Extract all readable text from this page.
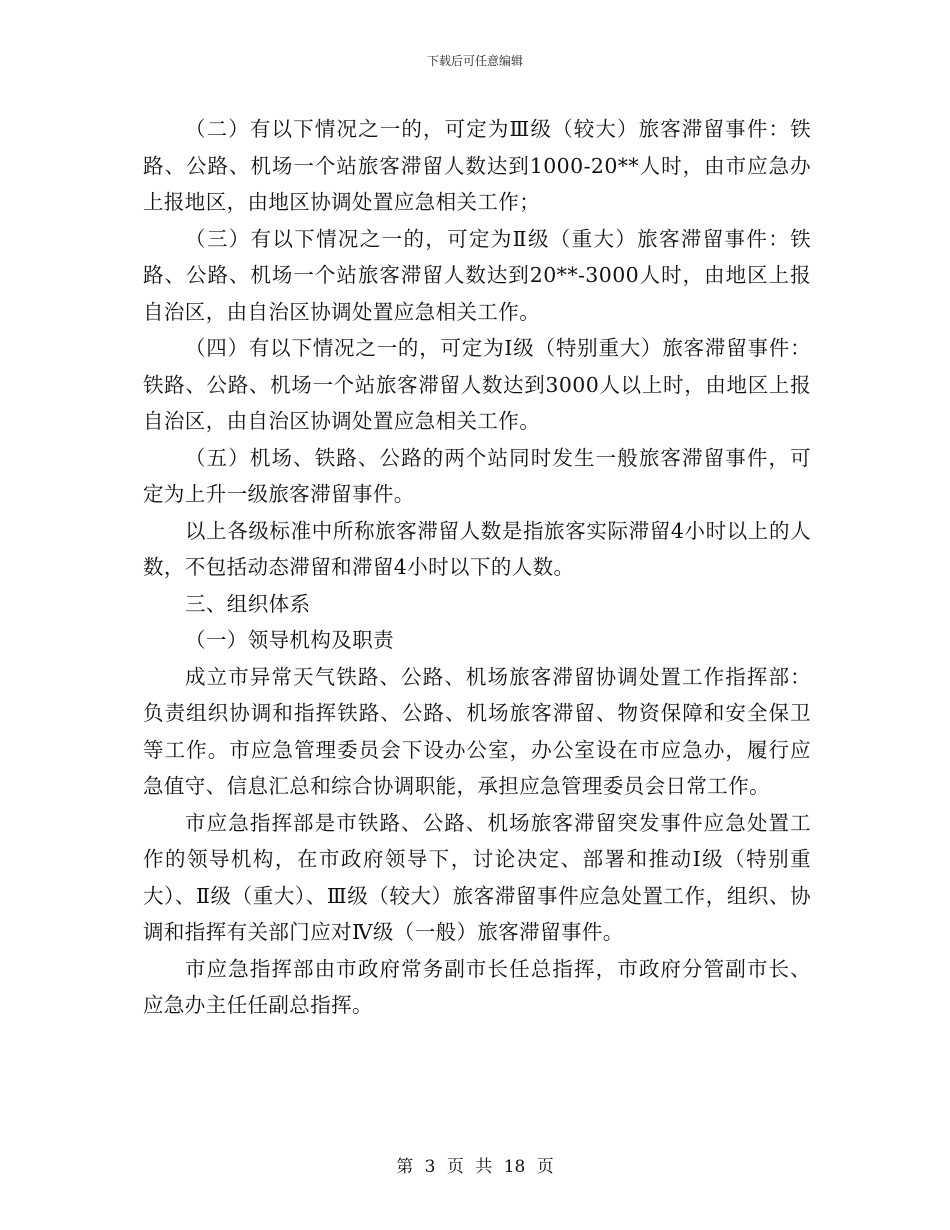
下载后可任意编辑

（二）有以下情况之一的，可定为Ⅲ级（较大）旅客滞留事件：铁路、公路、机场一个站旅客滞留人数达到1000-20**人时，由市应急办上报地区，由地区协调处置应急相关工作；

（三）有以下情况之一的，可定为Ⅱ级（重大）旅客滞留事件：铁路、公路、机场一个站旅客滞留人数达到20**-3000人时，由地区上报自治区，由自治区协调处置应急相关工作。

（四）有以下情况之一的，可定为Ⅰ级（特别重大）旅客滞留事件：铁路、公路、机场一个站旅客滞留人数达到3000人以上时，由地区上报自治区，由自治区协调处置应急相关工作。

（五）机场、铁路、公路的两个站同时发生一般旅客滞留事件，可定为上升一级旅客滞留事件。

以上各级标准中所称旅客滞留人数是指旅客实际滞留4小时以上的人数，不包括动态滞留和滞留4小时以下的人数。

三、组织体系

（一）领导机构及职责

成立市异常天气铁路、公路、机场旅客滞留协调处置工作指挥部：负责组织协调和指挥铁路、公路、机场旅客滞留、物资保障和安全保卫等工作。市应急管理委员会下设办公室，办公室设在市应急办，履行应急值守、信息汇总和综合协调职能，承担应急管理委员会日常工作。

市应急指挥部是市铁路、公路、机场旅客滞留突发事件应急处置工作的领导机构，在市政府领导下，讨论决定、部署和推动Ⅰ级（特别重大）、Ⅱ级（重大）、Ⅲ级（较大）旅客滞留事件应急处置工作，组织、协调和指挥有关部门应对Ⅳ级（一般）旅客滞留事件。

市应急指挥部由市政府常务副市长任总指挥，市政府分管副市长、应急办主任任副总指挥。

第 3 页 共 18 页
